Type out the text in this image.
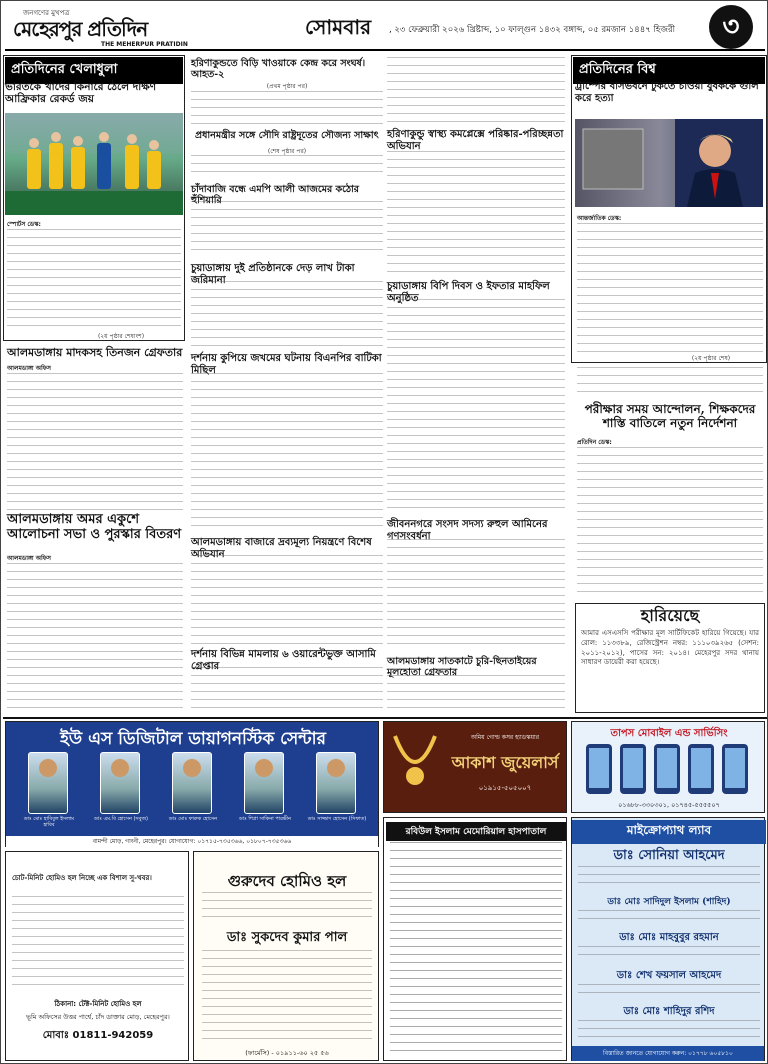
জনগণের মুখপত্র
মেহেরপুর প্রতিদিন
THE MEHERPUR PRATIDIN
সোমবার , ২৩ ফেব্রুয়ারী ২০২৬ খ্রিষ্টাব্দ, ১০ ফাল্গুন ১৪৩২ বঙ্গাব্দ, ০৫ রমজান ১৪৪৭ হিজরী	৩
প্রতিদিনের খেলাধুলা
ভারতকে খাদের কিনারে ঠেলে দক্ষিণ আফ্রিকার রেকর্ড জয়
স্পোর্টস ডেস্ক:
(২য় পৃষ্ঠার শেষাংশ)
হরিণাকুন্ডতে বিড়ি খাওয়াকে কেন্দ্র করে সংঘর্ষ। আহত-২
(প্রথম পৃষ্ঠার পর)
প্রধানমন্ত্রীর সঙ্গে সৌদি রাষ্ট্রদূতের সৌজন্য সাক্ষাৎ
(শেষ পৃষ্ঠার পর)
চাঁদাবাজি বন্ধে এমপি আলী আজমের কঠোর হুঁশিয়ারি
চুয়াডাঙ্গায় দুই প্রতিষ্ঠানকে দেড় লাখ টাকা জরিমানা
দর্শনায় কুপিয়ে জখমের ঘটনায় বিএনপির বাটিকা মিছিল
আলমডাঙ্গায় বাজারে দ্রব্যমূল্য নিয়ন্ত্রণে বিশেষ অভিযান
দর্শনায় বিভিন্ন মামলায় ৬ ওয়ারেন্টভুক্ত আসামি গ্রেপ্তার
হরিণাকুন্ডু স্বাস্থ্য কমপ্লেক্সে পরিষ্কার-পরিচ্ছন্নতা অভিযান
চুয়াডাঙ্গায় বিপি দিবস ও ইফতার মাহফিল অনুষ্ঠিত
জীবননগরে সংসদ সদস্য রুহুল আমিনের গণসংবর্ধনা
আলমডাঙ্গায় সাতকাটে চুরি-ছিনতাইয়ের মূলহোতা গ্রেফতার
প্রতিদিনের বিশ্ব
ট্রাম্পের বাসভবনে ঢুকতে চাওয়া যুবককে গুলি করে হত্যা
আন্তর্জাতিক ডেস্ক:
(২য় পৃষ্ঠার শেষ)
আলমডাঙ্গায় মাদকসহ তিনজন গ্রেফতার
আলমডাঙ্গা অফিস
আলমডাঙ্গায় অমর একুশে আলোচনা সভা ও পুরস্কার বিতরণ
আলমডাঙ্গা অফিস
পরীক্ষার সময় আন্দোলন, শিক্ষকদের শাস্তি বাতিলে নতুন নির্দেশনা
প্রতিদিন ডেস্ক:
হারিয়েছে
আমার এসএসসি পরীক্ষার মূল সার্টিফিকেট হারিয়ে গিয়েছে। যার রোল: ১১৩৩৮৯, রেজিস্ট্রেশন নম্বর: ১১১০৩৯২৬৫ (সেশন: ২০১১-২০১২), পাসের সন: ২০১৪। মেহেরপুর সদর থানায় সাধারণ ডায়েরী করা হয়েছে।
ইউ এস ডিজিটাল ডায়াগনস্টিক সেন্টার
ডাঃ মোঃ হাবিবুল ইসলাম হাবিব
ডাঃ এম.বি হোসেন (সবুজ)	ডাঃ মোঃ ফারুক হোসেন	ডাঃ শিপ্রা সাকিনা পারভীন	ডাঃ সাজ্জাদ হোসেন (সিফাত)
বামন্দী মোড়, গাংনী, মেহেরপুর। যোগাযোগ: ০১৭১৫-৭৩৫৩৬৬, ০১৮০৭-৭৩৫৩৬৬
আকাশ জুয়েলার্স
অমিয় গোল্ড কসর হ্যাডস্কয়ার
০১৯১৫-৫০৫০০৭
তাপস মোবাইল এন্ড সার্ভিসিং
০১৬৮৮-৩৩০৩০১, ০১৭৪৫-৫৫৫৫০৭
রবিউল ইসলাম মেমোরিয়াল হাসপাতাল	মাইক্রোপ্যাথ ল্যাব
ডাঃ সোনিয়া আহমেদ
ডাঃ মোঃ সাদিদুল ইসলাম (শাহিদ)
ডাঃ মোঃ মাহবুবুর রহমান
ডাঃ শেখ ফয়সাল আহমেদ
ডাঃ মোঃ শাহিদুর রশিদ
বিস্তারিত জানতে যোগাযোগ করুন: ০১৭৭৮ ৬০৫৮১০
চোট-মিনিট হোমিও হল নিচ্ছে এক বিশাল সু-খবর।
ঠিকানা: টেক্ট-মিনিট হোমিও হল
ভূমি অফিসের উত্তর পার্শ্বে, চাঁদ ডাক্তার মোড়, মেহেরপুর।
মোবাঃ 01811-942059
গুরুদেব হোমিও হল
ডাঃ সুকদেব কুমার পাল
(ফার্মেসি) - ০১৯১১-৬০ ২৫ ৫৬
